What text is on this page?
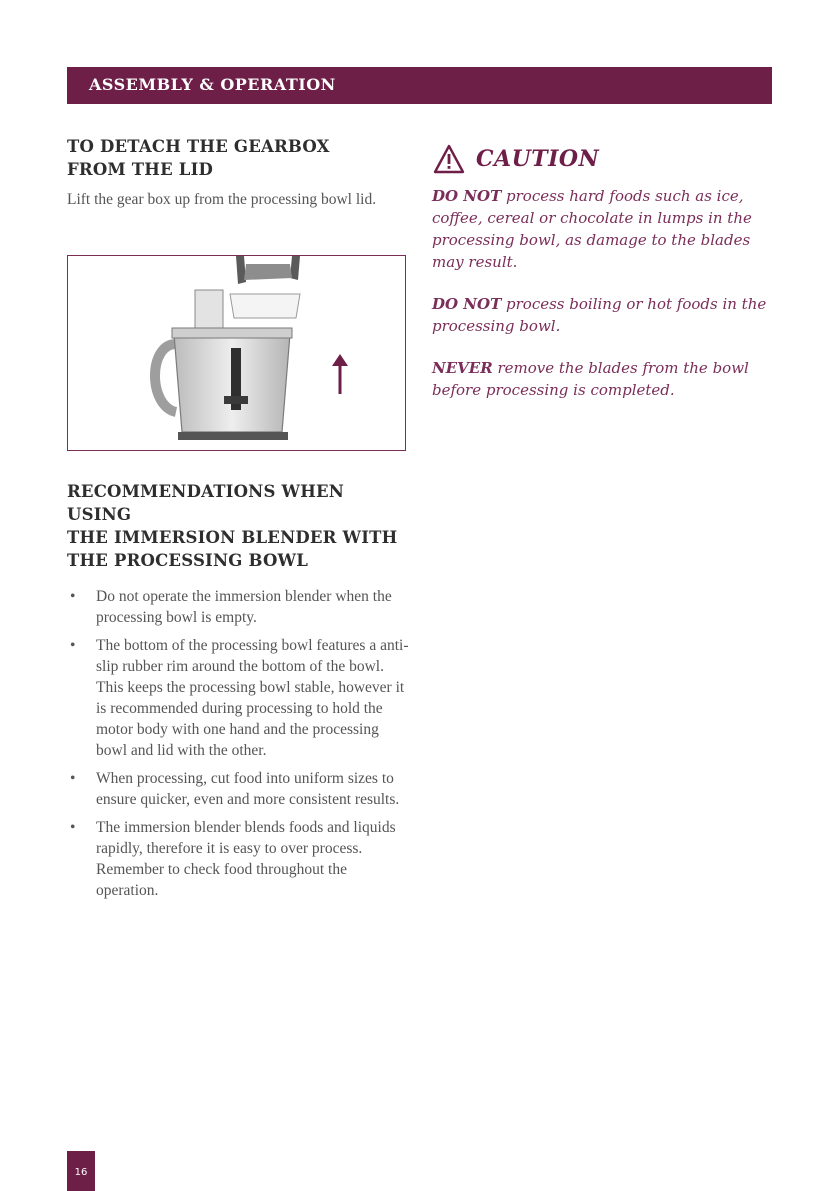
ASSEMBLY & OPERATION
TO DETACH THE GEARBOX
FROM THE LID

Lift the gear box up from the processing bowl lid.

RECOMMENDATIONS WHEN USING
THE IMMERSION BLENDER WITH
THE PROCESSING BOWL
• Do not operate the immersion blender when the processing bowl is empty.
• The bottom of the processing bowl features a anti-slip rubber rim around the bottom of the bowl. This keeps the processing bowl stable, however it is recommended during processing to hold the motor body with one hand and the processing bowl and lid with the other.
• When processing, cut food into uniform sizes to ensure quicker, even and more consistent results.
• The immersion blender blends foods and liquids rapidly, therefore it is easy to over process. Remember to check food throughout the operation.
CAUTION

DO NOT process hard foods such as ice, coffee, cereal or chocolate in lumps in the processing bowl, as damage to the blades may result.

DO NOT process boiling or hot foods in the processing bowl.

NEVER remove the blades from the bowl before processing is completed.

16
